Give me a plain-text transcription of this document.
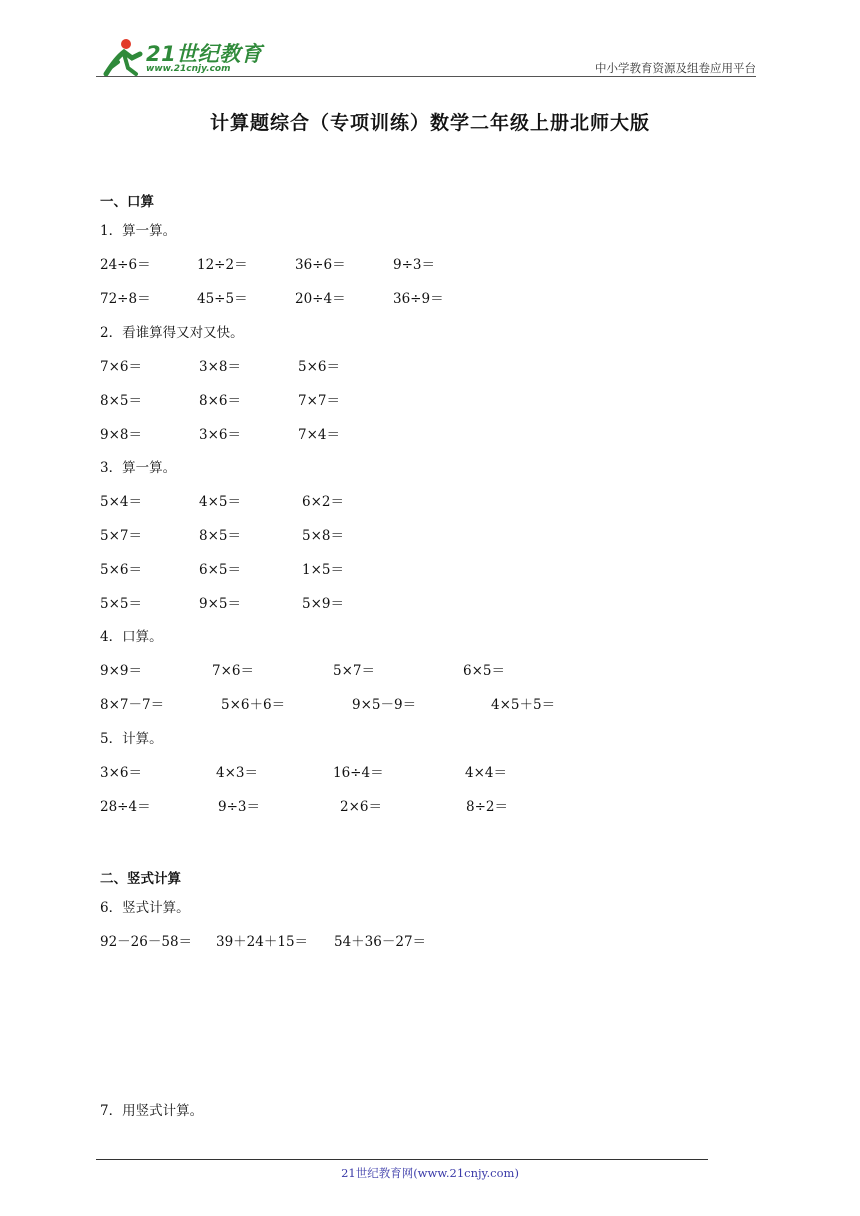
21世纪教育
www.21cnjy.com	中小学教育资源及组卷应用平台
计算题综合（专项训练）数学二年级上册北师大版
一、口算
1．算一算。
24÷6＝	12÷2＝	36÷6＝	9÷3＝
72÷8＝	45÷5＝	20÷4＝	36÷9＝
2．看谁算得又对又快。
7×6＝	3×8＝	5×6＝
8×5＝	8×6＝	7×7＝
9×8＝	3×6＝	7×4＝
3．算一算。
5×4＝	4×5＝	6×2＝
5×7＝	8×5＝	5×8＝
5×6＝	6×5＝	1×5＝
5×5＝	9×5＝	5×9＝
4．口算。
9×9＝	7×6＝	5×7＝	6×5＝
8×7－7＝	5×6＋6＝	9×5－9＝	4×5＋5＝
5．计算。
3×6＝	4×3＝	16÷4＝	4×4＝
28÷4＝	9÷3＝	2×6＝	8÷2＝
二、竖式计算
6．竖式计算。
92－26－58＝ 39＋24＋15＝ 54＋36－27＝
7．用竖式计算。
21世纪教育网(www.21cnjy.com)
